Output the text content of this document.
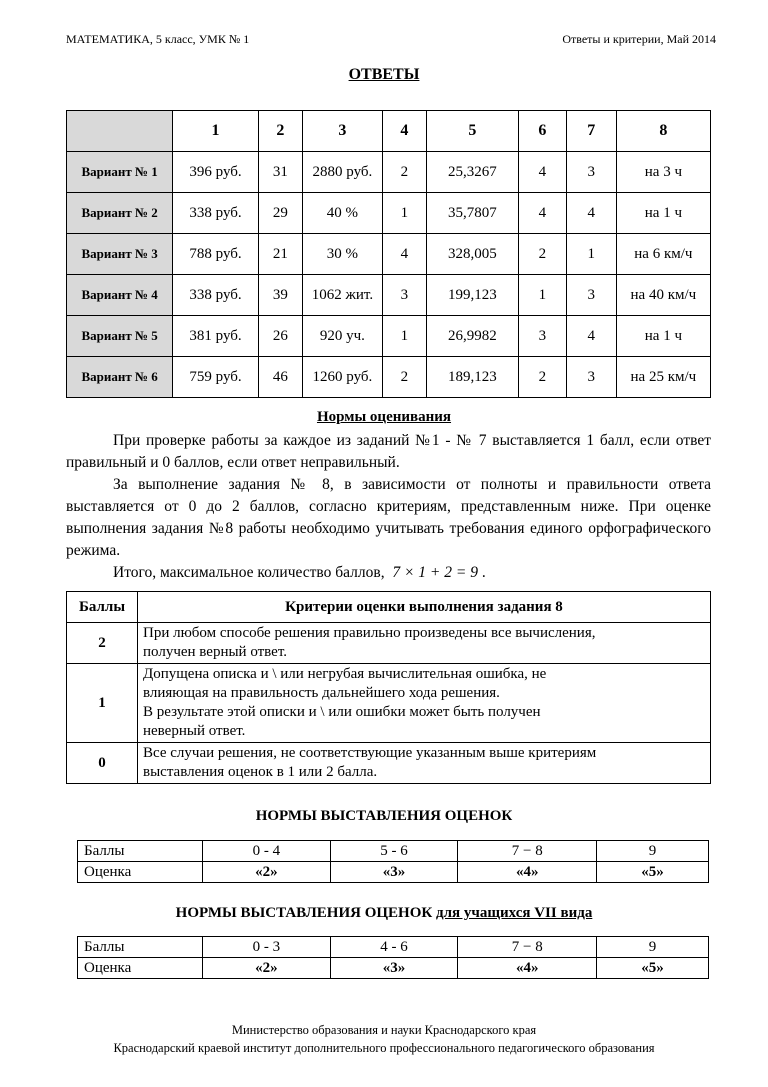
МАТЕМАТИКА, 5 класс, УМК № 1	Ответы и критерии, Май 2014
ОТВЕТЫ
	1	2	3	4	5	6	7	8
Вариант № 1	396 руб.	31	2880 руб.	2	25,3267	4	3	на 3 ч
Вариант № 2	338 руб.	29	40 %	1	35,7807	4	4	на 1 ч
Вариант № 3	788 руб.	21	30 %	4	328,005	2	1	на 6 км/ч
Вариант № 4	338 руб.	39	1062 жит.	3	199,123	1	3	на 40 км/ч
Вариант № 5	381 руб.	26	920 уч.	1	26,9982	3	4	на 1 ч
Вариант № 6	759 руб.	46	1260 руб.	2	189,123	2	3	на 25 км/ч
Нормы оценивания

При проверке работы за каждое из заданий №1 - № 7 выставляется 1 балл, если ответ правильный и 0 баллов, если ответ неправильный.

За выполнение задания № 8, в зависимости от полноты и правильности ответа выставляется от 0 до 2 баллов, согласно критериям, представленным ниже. При оценке выполнения задания №8 работы необходимо учитывать требования единого орфографического режима.

Итого, максимальное количество баллов, 7 × 1 + 2 = 9 .

Баллы	Критерии оценки выполнения задания 8
2	При любом способе решения правильно произведены все вычисления,
получен верный ответ.

1	Допущена описка и \ или негрубая вычислительная ошибка, не
влияющая на правильность дальнейшего хода решения.
В результате этой описки и \ или ошибки может быть получен
неверный ответ.

0	Все случаи решения, не соответствующие указанным выше критериям
выставления оценок в 1 или 2 балла.
НОРМЫ ВЫСТАВЛЕНИЯ ОЦЕНОК
Баллы	0 - 4	5 - 6	7 − 8	9
Оценка	«2»	«3»	«4»	«5»
НОРМЫ ВЫСТАВЛЕНИЯ ОЦЕНОК для учащихся VII вида
Баллы	0 - 3	4 - 6	7 − 8	9
Оценка	«2»	«3»	«4»	«5»
Министерство образования и науки Краснодарского края
Краснодарский краевой институт дополнительного профессионального педагогического образования
